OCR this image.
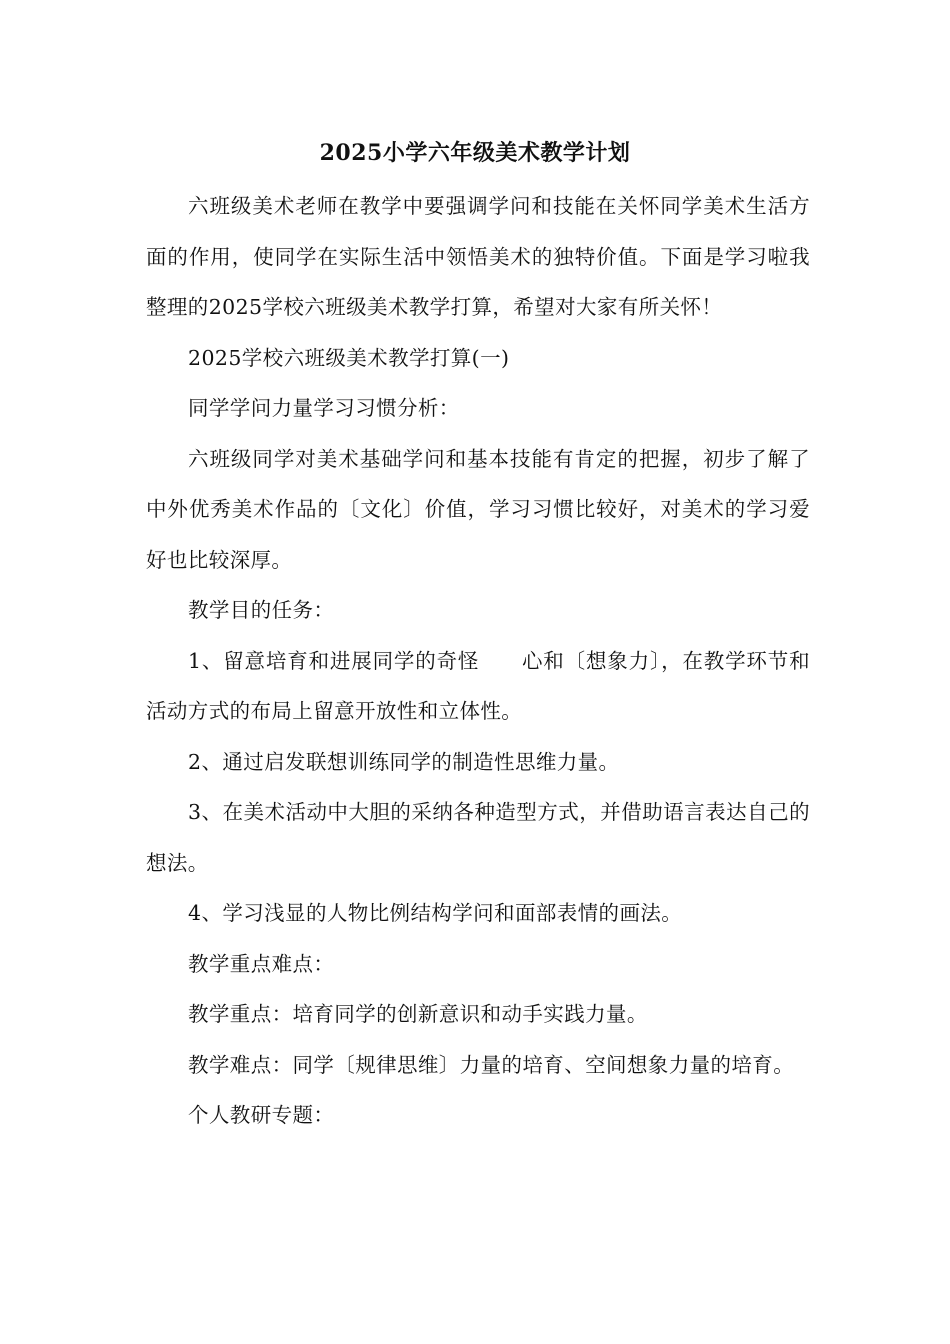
2025小学六年级美术教学计划

六班级美术老师在教学中要强调学问和技能在关怀同学美术生活方面的作用，使同学在实际生活中领悟美术的独特价值。下面是学习啦我整理的2025学校六班级美术教学打算，希望对大家有所关怀！

2025学校六班级美术教学打算(一)

同学学问力量学习习惯分析：

六班级同学对美术基础学问和基本技能有肯定的把握，初步了解了中外优秀美术作品的〔文化〕价值，学习习惯比较好，对美术的学习爱好也比较深厚。

教学目的任务：

1、留意培育和进展同学的奇怪　　心和〔想象力〕，在教学环节和活动方式的布局上留意开放性和立体性。

2、通过启发联想训练同学的制造性思维力量。

3、在美术活动中大胆的采纳各种造型方式，并借助语言表达自己的想法。

4、学习浅显的人物比例结构学问和面部表情的画法。

教学重点难点：

教学重点：培育同学的创新意识和动手实践力量。

教学难点：同学〔规律思维〕力量的培育、空间想象力量的培育。

个人教研专题：
